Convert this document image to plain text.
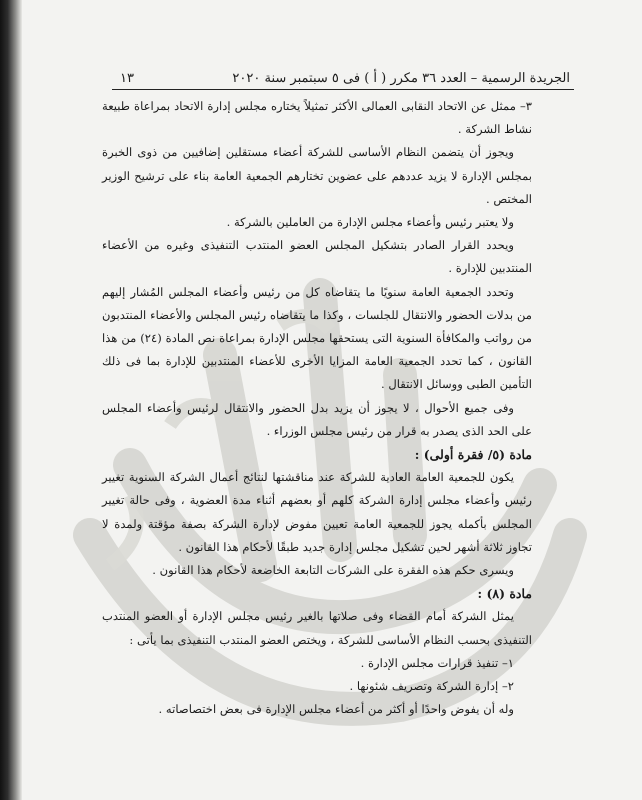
الجريدة الرسمية – العدد ٣٦ مكرر ( أ ) فى ٥ سبتمبر سنة ٢٠٢٠
١٣

٣– ممثل عن الاتحاد النقابى العمالى الأكثر تمثيلاً يختاره مجلس إدارة الاتحاد بمراعاة طبيعة نشاط الشركة .

ويجوز أن يتضمن النظام الأساسى للشركة أعضاء مستقلين إضافيين من ذوى الخبرة بمجلس الإدارة لا يزيد عددهم على عضوين تختارهم الجمعية العامة بناء على ترشيح الوزير المختص .

ولا يعتبر رئيس وأعضاء مجلس الإدارة من العاملين بالشركة .

ويحدد القرار الصادر بتشكيل المجلس العضو المنتدب التنفيذى وغيره من الأعضاء المنتدبين للإدارة .

وتحدد الجمعية العامة سنويًا ما يتقاضاه كل من رئيس وأعضاء المجلس المُشار إليهم من بدلات الحضور والانتقال للجلسات ، وكذا ما يتقاضاه رئيس المجلس والأعضاء المنتدبون من رواتب والمكافأة السنوية التى يستحقها مجلس الإدارة بمراعاة نص المادة (٢٤) من هذا القانون ، كما تحدد الجمعية العامة المزايا الأخرى للأعضاء المنتدبين للإدارة بما فى ذلك التأمين الطبى ووسائل الانتقال .

وفى جميع الأحوال ، لا يجوز أن يزيد بدل الحضور والانتقال لرئيس وأعضاء المجلس على الحد الذى يصدر به قرار من رئيس مجلس الوزراء .

مادة (٥/ فقرة أولى) :

يكون للجمعية العامة العادية للشركة عند مناقشتها لنتائج أعمال الشركة السنوية تغيير رئيس وأعضاء مجلس إدارة الشركة كلهم أو بعضهم أثناء مدة العضوية ، وفى حالة تغيير المجلس بأكمله يجوز للجمعية العامة تعيين مفوض لإدارة الشركة بصفة مؤقتة ولمدة لا تجاوز ثلاثة أشهر لحين تشكيل مجلس إدارة جديد طبقًا لأحكام هذا القانون .

ويسرى حكم هذه الفقرة على الشركات التابعة الخاضعة لأحكام هذا القانون .

مادة (٨) :

يمثل الشركة أمام القضاء وفى صلاتها بالغير رئيس مجلس الإدارة أو العضو المنتدب التنفيذى بحسب النظام الأساسى للشركة ، ويختص العضو المنتدب التنفيذى بما يأتى :

١– تنفيذ قرارات مجلس الإدارة .

٢– إدارة الشركة وتصريف شئونها .

وله أن يفوض واحدًا أو أكثر من أعضاء مجلس الإدارة فى بعض اختصاصاته .
